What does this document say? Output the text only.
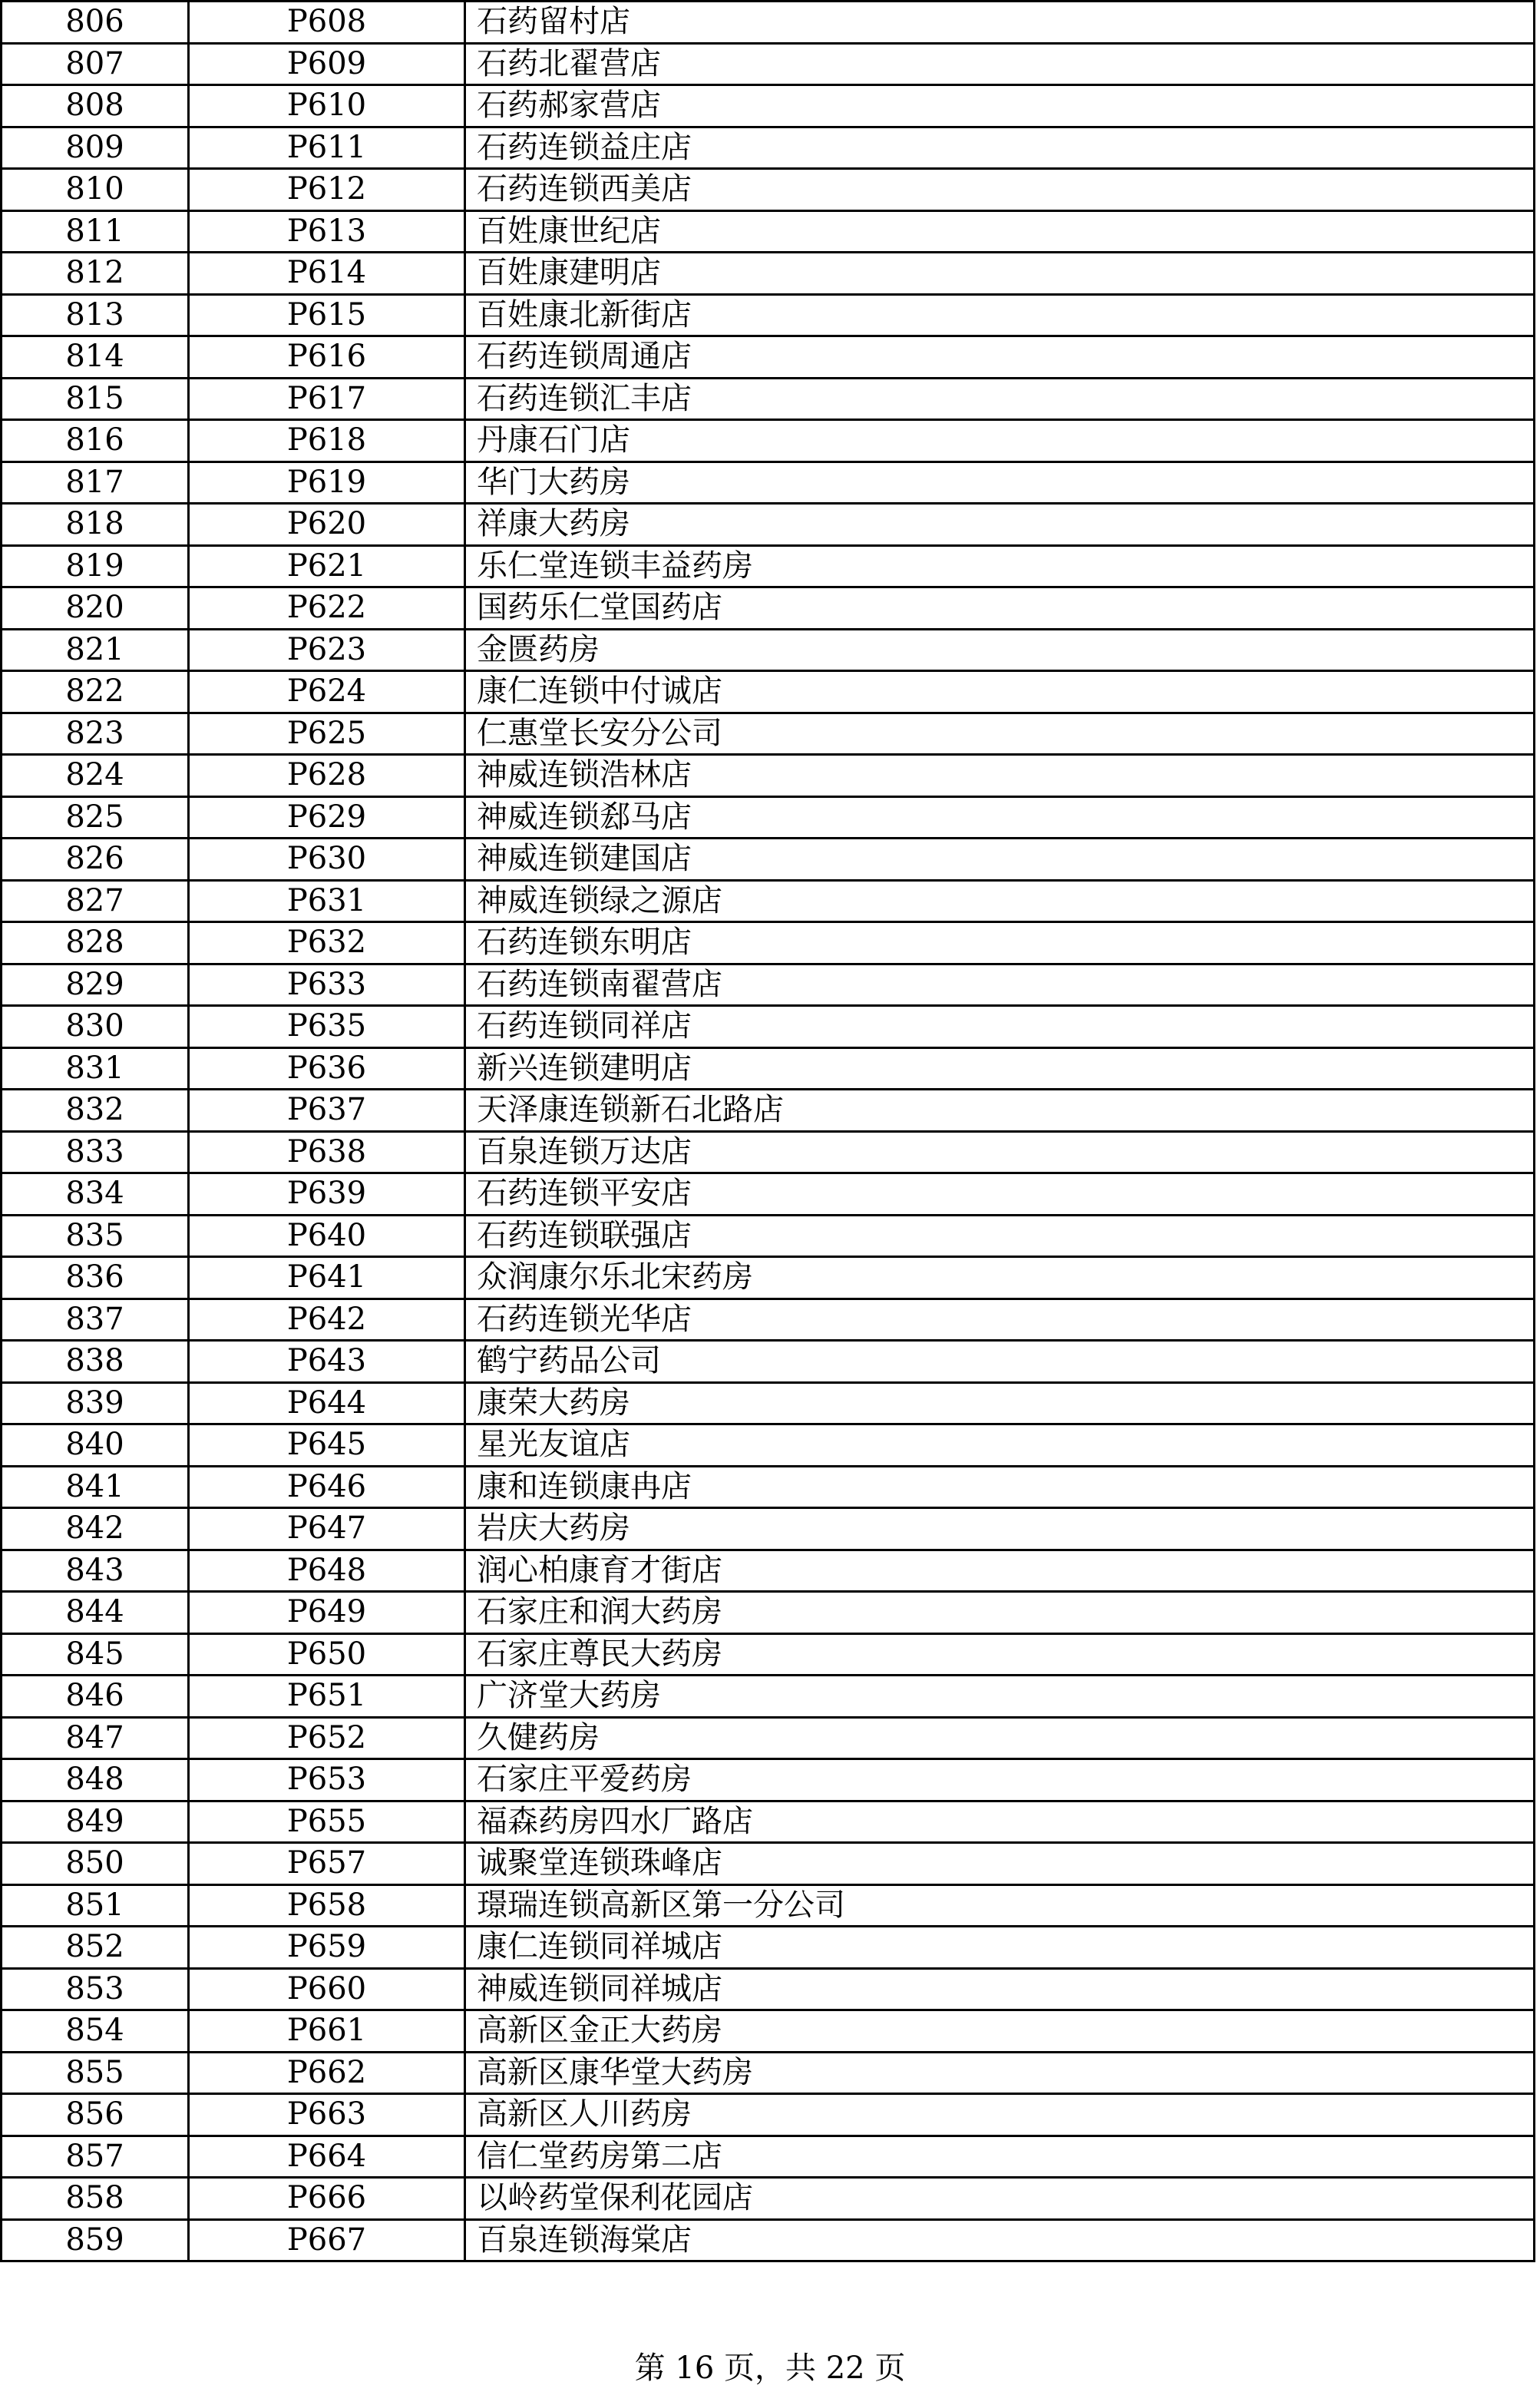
806	P608	石药留村店
807	P609	石药北翟营店
808	P610	石药郝家营店
809	P611	石药连锁益庄店
810	P612	石药连锁西美店
811	P613	百姓康世纪店
812	P614	百姓康建明店
813	P615	百姓康北新街店
814	P616	石药连锁周通店
815	P617	石药连锁汇丰店
816	P618	丹康石门店
817	P619	华门大药房
818	P620	祥康大药房
819	P621	乐仁堂连锁丰益药房
820	P622	国药乐仁堂国药店
821	P623	金匮药房
822	P624	康仁连锁中付诚店
823	P625	仁惠堂长安分公司
824	P628	神威连锁浩林店
825	P629	神威连锁郄马店
826	P630	神威连锁建国店
827	P631	神威连锁绿之源店
828	P632	石药连锁东明店
829	P633	石药连锁南翟营店
830	P635	石药连锁同祥店
831	P636	新兴连锁建明店
832	P637	天泽康连锁新石北路店
833	P638	百泉连锁万达店
834	P639	石药连锁平安店
835	P640	石药连锁联强店
836	P641	众润康尔乐北宋药房
837	P642	石药连锁光华店
838	P643	鹤宁药品公司
839	P644	康荣大药房
840	P645	星光友谊店
841	P646	康和连锁康冉店
842	P647	岩庆大药房
843	P648	润心柏康育才街店
844	P649	石家庄和润大药房
845	P650	石家庄尊民大药房
846	P651	广济堂大药房
847	P652	久健药房
848	P653	石家庄平爱药房
849	P655	福森药房四水厂路店
850	P657	诚聚堂连锁珠峰店
851	P658	璟瑞连锁高新区第一分公司
852	P659	康仁连锁同祥城店
853	P660	神威连锁同祥城店
854	P661	高新区金正大药房
855	P662	高新区康华堂大药房
856	P663	高新区人川药房
857	P664	信仁堂药房第二店
858	P666	以岭药堂保利花园店
859	P667	百泉连锁海棠店
第 16 页，共 22 页
